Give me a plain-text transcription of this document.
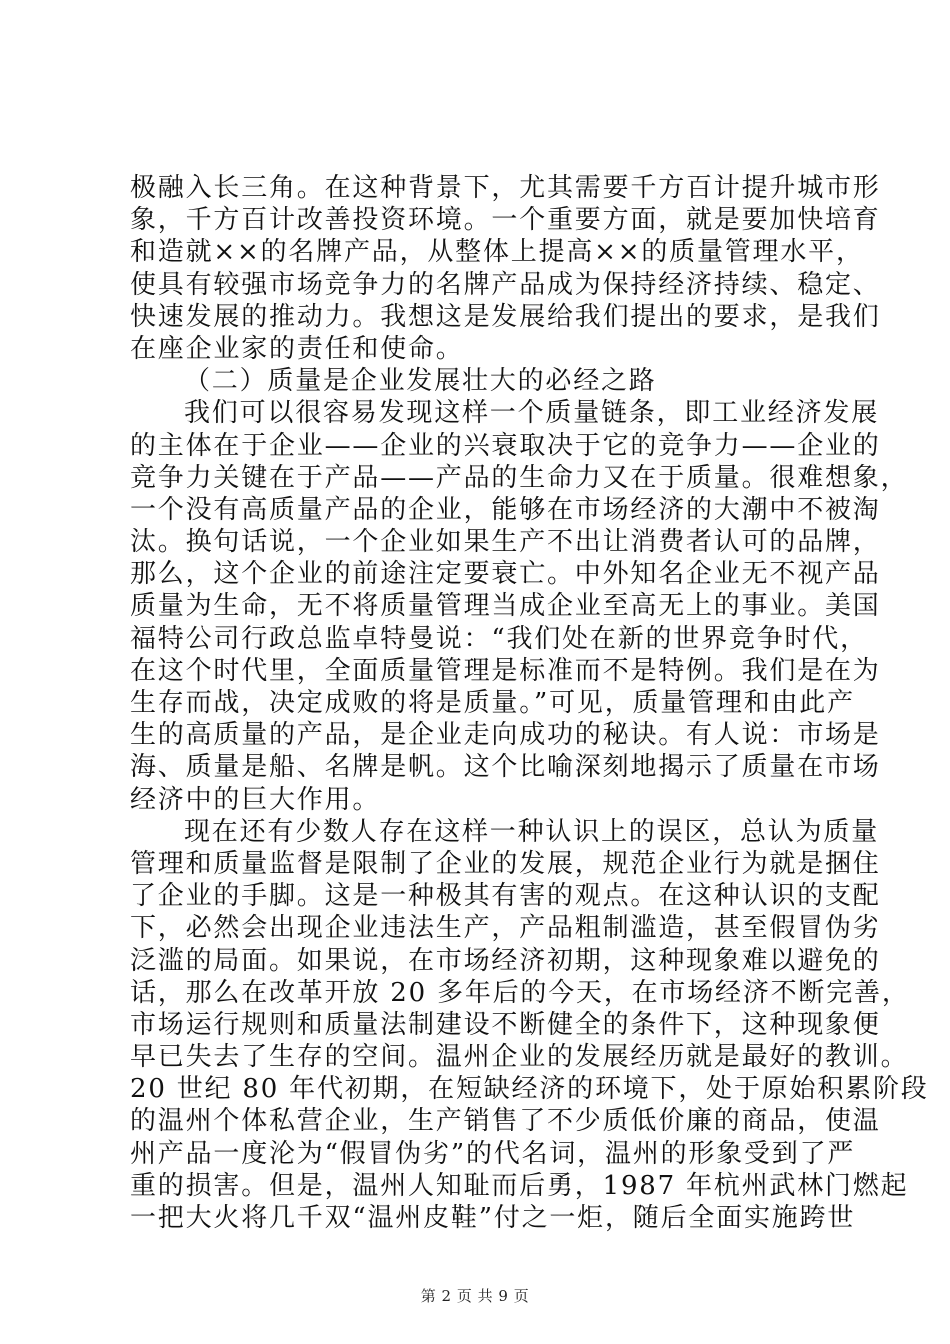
极融入长三角。在这种背景下，尤其需要千方百计提升城市形
象，千方百计改善投资环境。一个重要方面，就是要加快培育
和造就××的名牌产品，从整体上提高××的质量管理水平，
使具有较强市场竞争力的名牌产品成为保持经济持续、稳定、
快速发展的推动力。我想这是发展给我们提出的要求，是我们
在座企业家的责任和使命。
（二）质量是企业发展壮大的必经之路
我们可以很容易发现这样一个质量链条，即工业经济发展
的主体在于企业——企业的兴衰取决于它的竞争力——企业的
竞争力关键在于产品——产品的生命力又在于质量。很难想象，
一个没有高质量产品的企业，能够在市场经济的大潮中不被淘
汰。换句话说，一个企业如果生产不出让消费者认可的品牌，
那么，这个企业的前途注定要衰亡。中外知名企业无不视产品
质量为生命，无不将质量管理当成企业至高无上的事业。美国
福特公司行政总监卓特曼说：“我们处在新的世界竞争时代，
在这个时代里，全面质量管理是标准而不是特例。我们是在为
生存而战，决定成败的将是质量。”可见，质量管理和由此产
生的高质量的产品，是企业走向成功的秘诀。有人说：市场是
海、质量是船、名牌是帆。这个比喻深刻地揭示了质量在市场
经济中的巨大作用。
现在还有少数人存在这样一种认识上的误区，总认为质量
管理和质量监督是限制了企业的发展，规范企业行为就是捆住
了企业的手脚。这是一种极其有害的观点。在这种认识的支配
下，必然会出现企业违法生产，产品粗制滥造，甚至假冒伪劣
泛滥的局面。如果说，在市场经济初期，这种现象难以避免的
话，那么在改革开放 20 多年后的今天，在市场经济不断完善，
市场运行规则和质量法制建设不断健全的条件下，这种现象便
早已失去了生存的空间。温州企业的发展经历就是最好的教训。
20 世纪 80 年代初期，在短缺经济的环境下，处于原始积累阶段
的温州个体私营企业，生产销售了不少质低价廉的商品，使温
州产品一度沦为“假冒伪劣”的代名词，温州的形象受到了严
重的损害。但是，温州人知耻而后勇，1987 年杭州武林门燃起
一把大火将几千双“温州皮鞋”付之一炬，随后全面实施跨世
第 2 页 共 9 页
